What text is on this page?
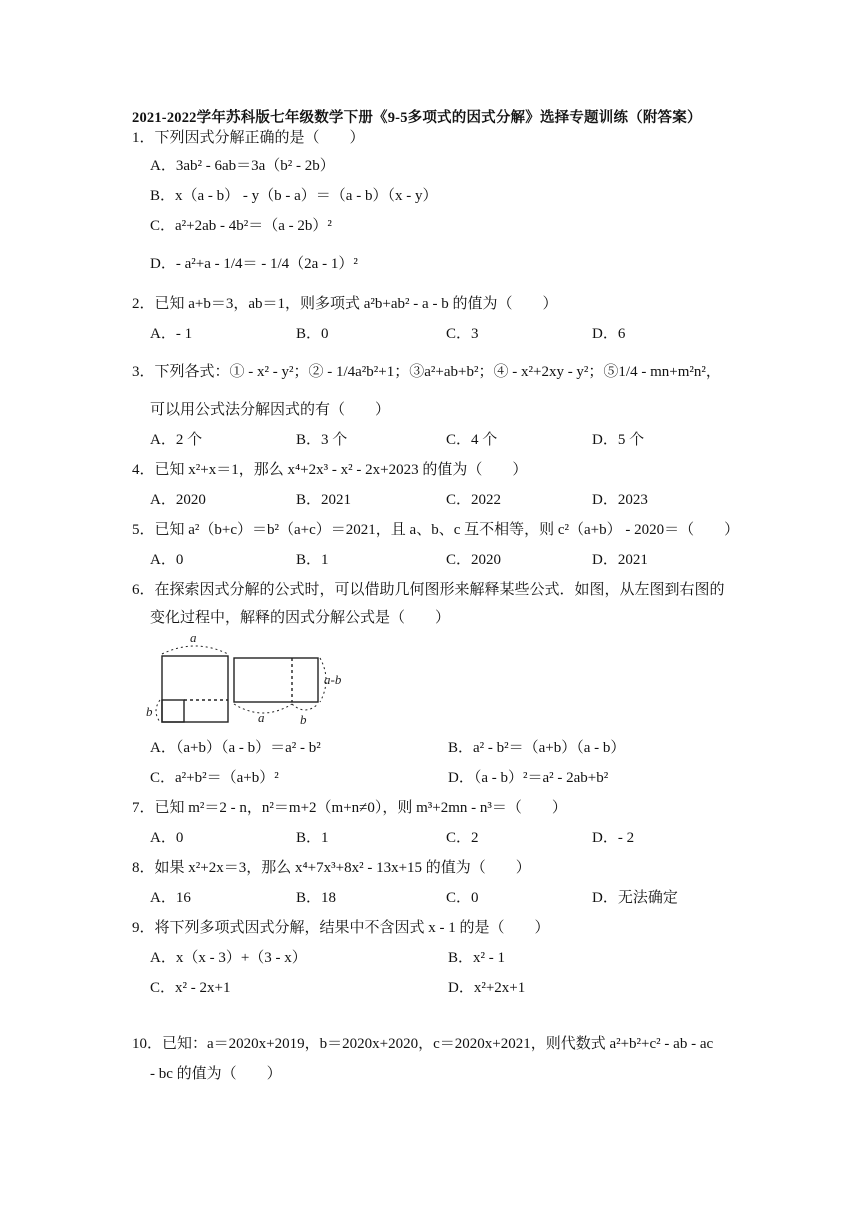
2021-2022学年苏科版七年级数学下册《9-5多项式的因式分解》选择专题训练（附答案）
1．下列因式分解正确的是（　　）
A．3ab² - 6ab＝3a（b² - 2b）
B．x（a - b） - y（b - a）＝（a - b）（x - y）
C．a²+2ab - 4b²＝（a - 2b）²
D．- a²+a - 1/4＝ - 1/4（2a - 1）²
2．已知 a+b＝3，ab＝1，则多项式 a²b+ab² - a - b 的值为（　　）
A．- 1	B．0	C．3	D．6
3．下列各式：① - x² - y²；② - 1/4a²b²+1；③a²+ab+b²；④ - x²+2xy - y²；⑤1/4 - mn+m²n²，
可以用公式法分解因式的有（　　）
A．2 个	B．3 个	C．4 个	D．5 个
4．已知 x²+x＝1，那么 x⁴+2x³ - x² - 2x+2023 的值为（　　）
A．2020	B．2021	C．2022	D．2023
5．已知 a²（b+c）＝b²（a+c）＝2021，且 a、b、c 互不相等，则 c²（a+b） - 2020＝（　　）
A．0	B．1	C．2020	D．2021
6．在探索因式分解的公式时，可以借助几何图形来解释某些公式．如图，从左图到右图的
变化过程中，解释的因式分解公式是（　　）
a
b	a	b
a-b
A．（a+b）（a - b）＝a² - b²	B．a² - b²＝（a+b）（a - b）
C．a²+b²＝（a+b）²	D．（a - b）²＝a² - 2ab+b²
7．已知 m²＝2 - n，n²＝m+2（m+n≠0），则 m³+2mn - n³＝（　　）
A．0	B．1	C．2	D．- 2
8．如果 x²+2x＝3，那么 x⁴+7x³+8x² - 13x+15 的值为（　　）
A．16	B．18	C．0	D．无法确定
9．将下列多项式因式分解，结果中不含因式 x - 1 的是（　　）
A．x（x - 3）+（3 - x）	B．x² - 1
C．x² - 2x+1	D．x²+2x+1
10．已知：a＝2020x+2019，b＝2020x+2020，c＝2020x+2021，则代数式 a²+b²+c² - ab - ac
- bc 的值为（　　）
